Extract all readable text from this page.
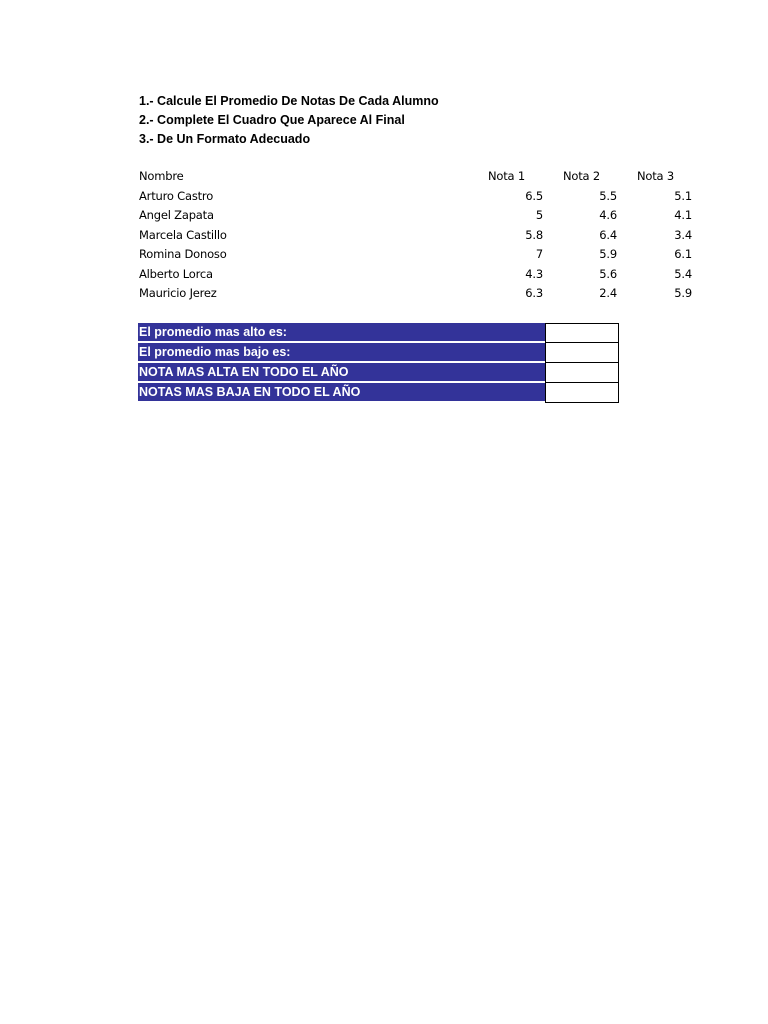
1.- Calcule El Promedio De Notas De Cada Alumno
2.- Complete El Cuadro Que Aparece Al Final
3.- De Un Formato Adecuado
Nombre	Nota 1	Nota 2	Nota 3
Arturo Castro	6.5	5.5	5.1
Angel Zapata	5	4.6	4.1
Marcela Castillo	5.8	6.4	3.4
Romina Donoso	7	5.9	6.1
Alberto Lorca	4.3	5.6	5.4
Mauricio Jerez	6.3	2.4	5.9
El promedio mas alto es:
El promedio mas bajo es:
NOTA MAS ALTA EN TODO EL AÑO
NOTAS MAS BAJA EN TODO EL AÑO
